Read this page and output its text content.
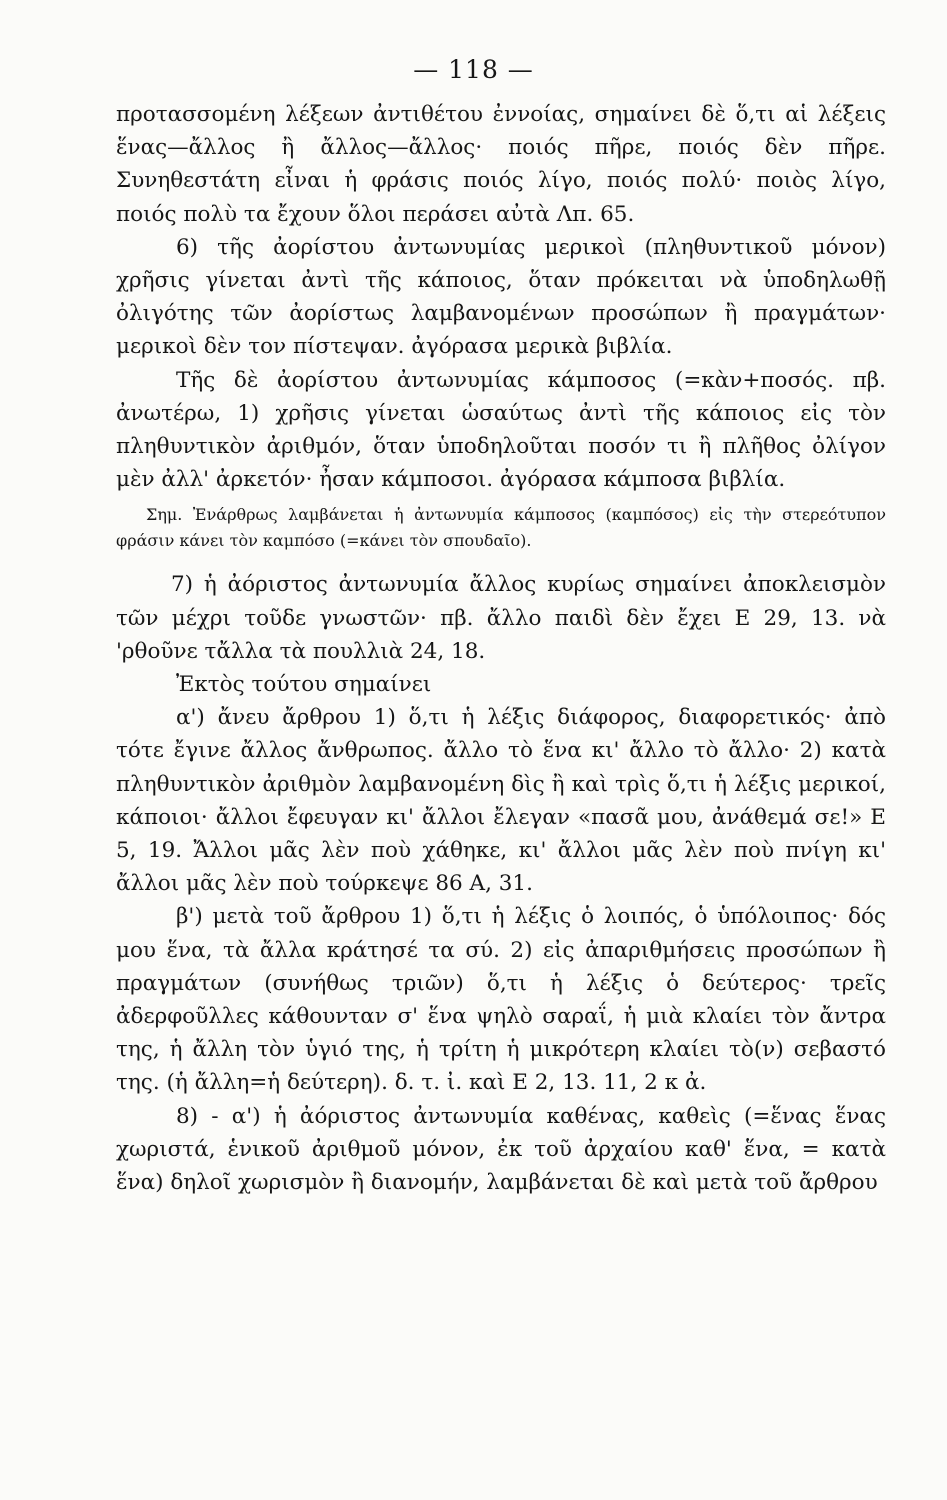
— 118 —

προτασσομένη λέξεων ἀντιθέτου ἐννοίας, σημαίνει δὲ ὅ,τι αἱ λέξεις ἕνας—ἄλλος ἢ ἄλλος—ἄλλος· ποιός πῆρε, ποιός δὲν πῆρε. Συνηθεστάτη εἶναι ἡ φράσις ποιός λίγο, ποιός πολύ· ποιὸς λίγο, ποιός πολὺ τα ἔχουν ὅλοι περάσει αὐτὰ Λπ. 65.

6) τῆς ἀορίστου ἀντωνυμίας μερικοὶ (πληθυντικοῦ μόνον) χρῆσις γίνεται ἀντὶ τῆς κάποιος, ὅταν πρόκειται νὰ ὑποδηλωθῇ ὀλιγότης τῶν ἀορίστως λαμβανομένων προσώπων ἢ πραγμάτων· μερικοὶ δὲν τον πίστεψαν. ἀγόρασα μερικὰ βιβλία.

Τῆς δὲ ἀορίστου ἀντωνυμίας κάμποσος (=κὰν+ποσός. πβ. ἀνωτέρω, 1) χρῆσις γίνεται ὡσαύτως ἀντὶ τῆς κάποιος εἰς τὸν πληθυντικὸν ἀριθμόν, ὅταν ὑποδηλοῦται ποσόν τι ἢ πλῆθος ὀλίγον μὲν ἀλλ' ἀρκετόν· ἦσαν κάμποσοι. ἀγόρασα κάμποσα βιβλία.

Σημ. Ἐνάρθρως λαμβάνεται ἡ ἀντωνυμία κάμποσος (καμπόσος) εἰς τὴν στερεότυπον φράσιν κάνει τὸν καμπόσο (=κάνει τὸν σπουδαῖο).

7) ἡ ἀόριστος ἀντωνυμία ἄλλος κυρίως σημαίνει ἀποκλεισμὸν τῶν μέχρι τοῦδε γνωστῶν· πβ. ἄλλο παιδὶ δὲν ἔχει Ε 29, 13. νὰ 'ρθοῦνε τἄλλα τὰ πουλλιὰ 24, 18.

Ἐκτὸς τούτου σημαίνει

α') ἄνευ ἄρθρου 1) ὅ,τι ἡ λέξις διάφορος, διαφορετικός· ἀπὸ τότε ἔγινε ἄλλος ἄνθρωπος. ἄλλο τὸ ἕνα κι' ἄλλο τὸ ἄλλο· 2) κατὰ πληθυντικὸν ἀριθμὸν λαμβανομένη δὶς ἢ καὶ τρὶς ὅ,τι ἡ λέξις μερικοί, κάποιοι· ἄλλοι ἔφευγαν κι' ἄλλοι ἔλεγαν «πασᾶ μου, ἀνάθεμά σε!» Ε 5, 19. Ἄλλοι μᾶς λὲν ποὺ χάθηκε, κι' ἄλλοι μᾶς λὲν ποὺ πνίγη κι' ἄλλοι μᾶς λὲν ποὺ τούρκεψε 86 Α, 31.

β') μετὰ τοῦ ἄρθρου 1) ὅ,τι ἡ λέξις ὁ λοιπός, ὁ ὑπόλοιπος· δός μου ἕνα, τὰ ἄλλα κράτησέ τα σύ. 2) εἰς ἀπαριθμήσεις προσώπων ἢ πραγμάτων (συνήθως τριῶν) ὅ,τι ἡ λέξις ὁ δεύτερος· τρεῖς ἀδερφοῦλλες κάθουνταν σ' ἕνα ψηλὸ σαραΐ, ἡ μιὰ κλαίει τὸν ἄντρα της, ἡ ἄλλη τὸν ὑγιό της, ἡ τρίτη ἡ μικρότερη κλαίει τὸ(ν) σεβαστό της. (ἡ ἄλλη=ἡ δεύτερη). δ. τ. ἰ. καὶ Ε 2, 13. 11, 2 κ ἀ.

8) - α') ἡ ἀόριστος ἀντωνυμία καθένας, καθεὶς (=ἕνας ἕνας χωριστά, ἑνικοῦ ἀριθμοῦ μόνον, ἐκ τοῦ ἀρχαίου καθ' ἕνα, = κατὰ ἕνα) δηλοῖ χωρισμὸν ἢ διανομήν, λαμβάνεται δὲ καὶ μετὰ τοῦ ἄρθρου
